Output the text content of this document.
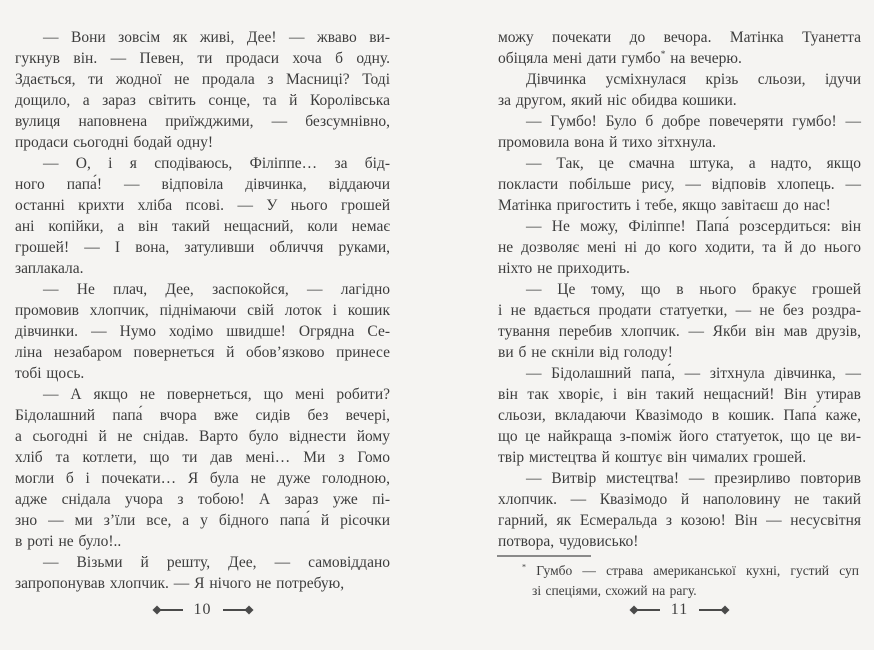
— Вони зовсім як живі, Дее! — жваво ви-
гукнув він. — Певен, ти продаси хоча б одну.
Здається, ти жодної не продала з Масниці? Тоді
дощило, а зараз світить сонце, та й Королівська
вулиця наповнена приїжджими, — безсумнівно,
продаси сьогодні бодай одну!
— О, і я сподіваюсь, Філіппе… за бід-
ного папа́! — відповіла дівчинка, віддаючи
останні крихти хліба псові. — У нього грошей
ані копійки, а він такий нещасний, коли немає
грошей! — І вона, затуливши обличчя руками,
заплакала.
— Не плач, Дее, заспокойся, — лагідно
промовив хлопчик, піднімаючи свій лоток і кошик
дівчинки. — Нумо ходімо швидше! Огрядна Се-
ліна незабаром повернеться й обов’язково принесе
тобі щось.
— А якщо не повернеться, що мені робити?
Бідолашний папа́ вчора вже сидів без вечері,
а сьогодні й не снідав. Варто було віднести йому
хліб та котлети, що ти дав мені… Ми з Гомо
могли б і почекати… Я була не дуже голодною,
адже снідала учора з тобою! А зараз уже пі-
зно — ми з’їли все, а у бідного папа́ й рісочки
в роті не було!..
— Візьми й решту, Дее, — самовіддано
запропонував хлопчик. — Я нічого не потребую,
можу почекати до вечора. Матінка Туанетта
обіцяла мені дати гумбо* на вечерю.
Дівчинка усміхнулася крізь сльози, ідучи
за другом, який ніс обидва кошики.
— Гумбо! Було б добре повечеряти гумбо! —
промовила вона й тихо зітхнула.
— Так, це смачна штука, а надто, якщо
покласти побільше рису, — відповів хлопець. —
Матінка пригостить і тебе, якщо завітаєш до нас!
— Не можу, Філіппе! Папа́ розсердиться: він
не дозволяє мені ні до кого ходити, та й до нього
ніхто не приходить.
— Це тому, що в нього бракує грошей
і не вдається продати статуетки, — не без роздра-
тування перебив хлопчик. — Якби він мав друзів,
ви б не скніли від голоду!
— Бідолашний папа́, — зітхнула дівчинка, —
він так хворіє, і він такий нещасний! Він утирав
сльози, вкладаючи Квазімодо в кошик. Папа́ каже,
що це найкраща з-поміж його статуеток, що це ви-
твір мистецтва й коштує він чималих грошей.
— Витвір мистецтва! — презирливо повторив
хлопчик. — Квазімодо й наполовину не такий
гарний, як Есмеральда з козою! Він — несусвітня
потвора, чудовисько!
* Гумбо — страва американської кухні, густий суп
зі спеціями, схожий на рагу.
10	11
